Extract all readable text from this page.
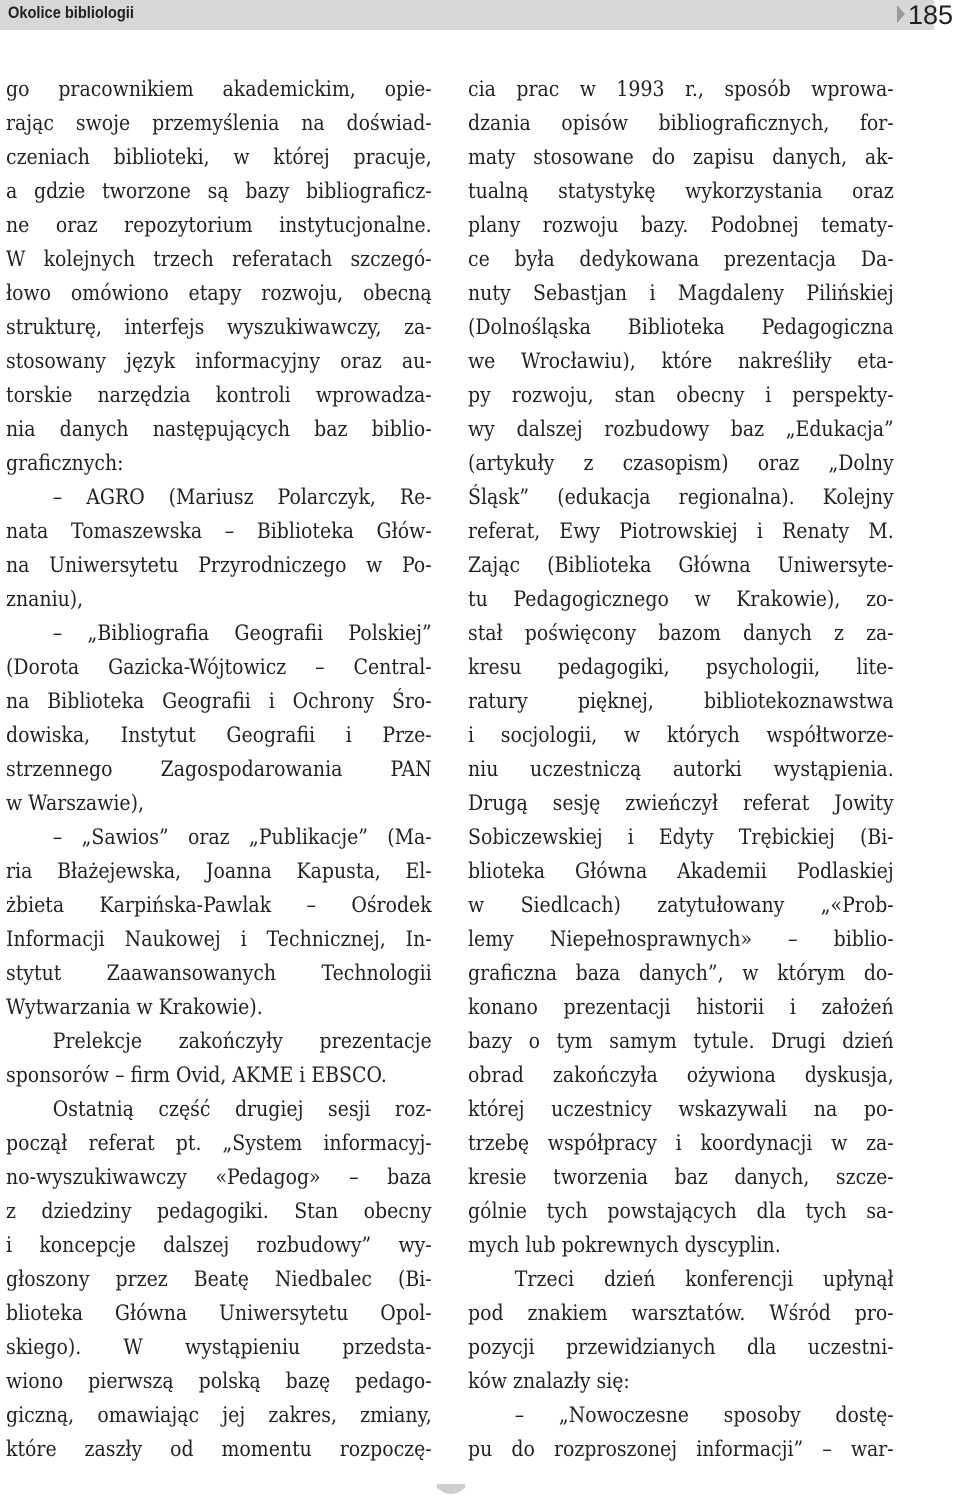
Okolice bibliologii	185
go pracownikiem akademickim, opie-
rając swoje przemyślenia na doświad-
czeniach biblioteki, w której pracuje,
a gdzie tworzone są bazy bibliograficz-
ne oraz repozytorium instytucjonalne.
W kolejnych trzech referatach szczegó-
łowo omówiono etapy rozwoju, obecną
strukturę, interfejs wyszukiwawczy, za-
stosowany język informacyjny oraz au-
torskie narzędzia kontroli wprowadza-
nia danych następujących baz biblio-
graficznych:
– AGRO (Mariusz Polarczyk, Re-
nata Tomaszewska – Biblioteka Głów-
na Uniwersytetu Przyrodniczego w Po-
znaniu),
– „Bibliografia Geografii Polskiej”
(Dorota Gazicka-Wójtowicz – Central-
na Biblioteka Geografii i Ochrony Śro-
dowiska, Instytut Geografii i Prze-
strzennego Zagospodarowania PAN
w Warszawie),
– „Sawios” oraz „Publikacje” (Ma-
ria Błażejewska, Joanna Kapusta, El-
żbieta Karpińska-Pawlak – Ośrodek
Informacji Naukowej i Technicznej, In-
stytut Zaawansowanych Technologii
Wytwarzania w Krakowie).
Prelekcje zakończyły prezentacje
sponsorów – firm Ovid, AKME i EBSCO.
Ostatnią część drugiej sesji roz-
począł referat pt. „System informacyj-
no-wyszukiwawczy «Pedagog» – baza
z dziedziny pedagogiki. Stan obecny
i koncepcje dalszej rozbudowy” wy-
głoszony przez Beatę Niedbalec (Bi-
blioteka Główna Uniwersytetu Opol-
skiego). W wystąpieniu przedsta-
wiono pierwszą polską bazę pedago-
giczną, omawiając jej zakres, zmiany,
które zaszły od momentu rozpoczę-
cia prac w 1993 r., sposób wprowa-
dzania opisów bibliograficznych, for-
maty stosowane do zapisu danych, ak-
tualną statystykę wykorzystania oraz
plany rozwoju bazy. Podobnej tematy-
ce była dedykowana prezentacja Da-
nuty Sebastjan i Magdaleny Pilińskiej
(Dolnośląska Biblioteka Pedagogiczna
we Wrocławiu), które nakreśliły eta-
py rozwoju, stan obecny i perspekty-
wy dalszej rozbudowy baz „Edukacja”
(artykuły z czasopism) oraz „Dolny
Śląsk” (edukacja regionalna). Kolejny
referat, Ewy Piotrowskiej i Renaty M.
Zając (Biblioteka Główna Uniwersyte-
tu Pedagogicznego w Krakowie), zo-
stał poświęcony bazom danych z za-
kresu pedagogiki, psychologii, lite-
ratury pięknej, bibliotekoznawstwa
i socjologii, w których współtworze-
niu uczestniczą autorki wystąpienia.
Drugą sesję zwieńczył referat Jowity
Sobiczewskiej i Edyty Trębickiej (Bi-
blioteka Główna Akademii Podlaskiej
w Siedlcach) zatytułowany „«Prob-
lemy Niepełnosprawnych» – biblio-
graficzna baza danych”, w którym do-
konano prezentacji historii i założeń
bazy o tym samym tytule. Drugi dzień
obrad zakończyła ożywiona dyskusja,
której uczestnicy wskazywali na po-
trzebę współpracy i koordynacji w za-
kresie tworzenia baz danych, szcze-
gólnie tych powstających dla tych sa-
mych lub pokrewnych dyscyplin.
Trzeci dzień konferencji upłynął
pod znakiem warsztatów. Wśród pro-
pozycji przewidzianych dla uczestni-
ków znalazły się:
– „Nowoczesne sposoby dostę-
pu do rozproszonej informacji” – war-
